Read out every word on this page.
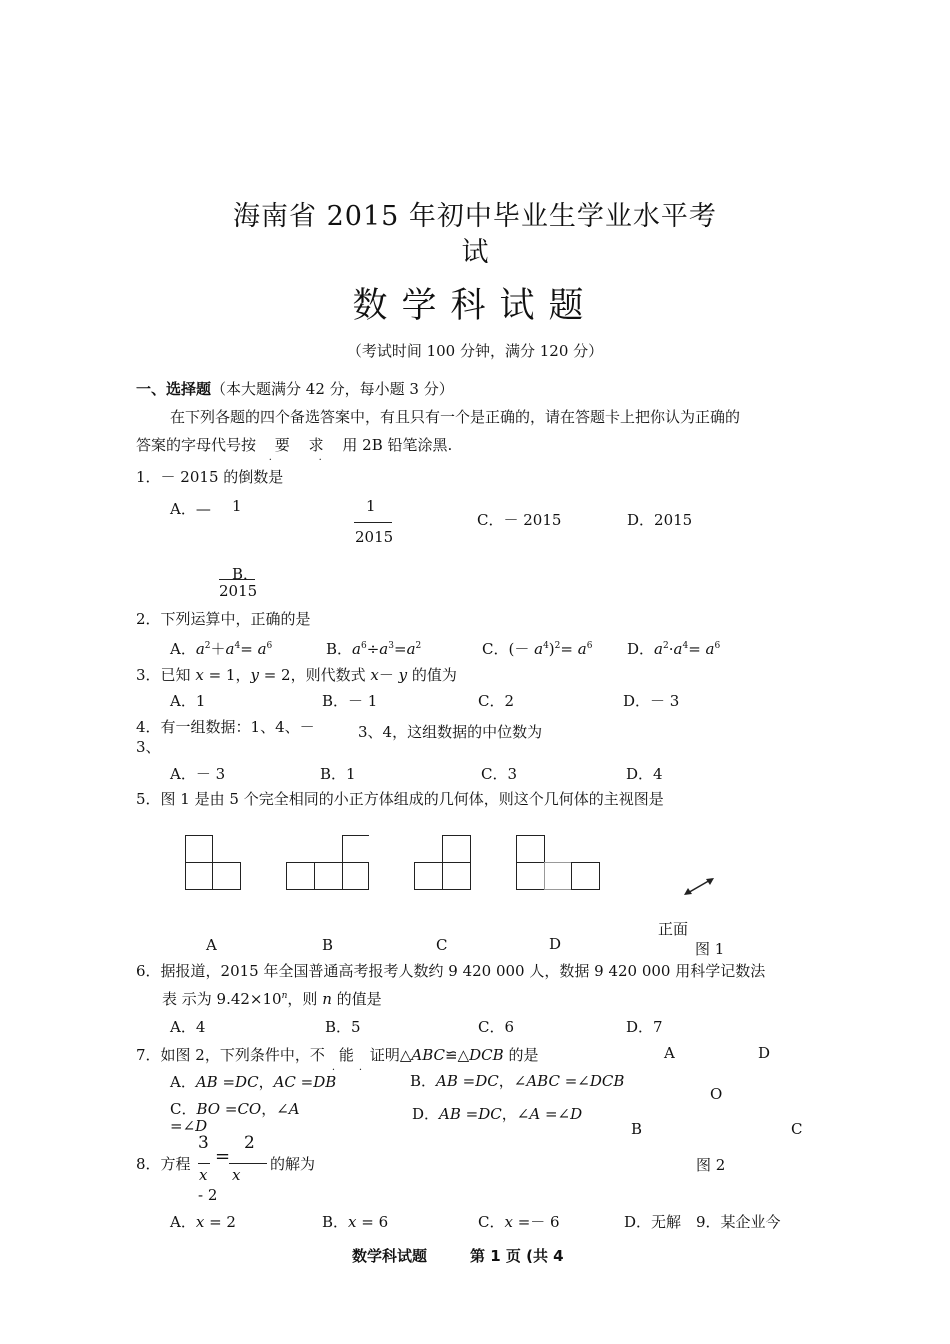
海南省 2015 年初中毕业生学业水平考
试
数学科试题
（考试时间 100 分钟，满分 120 分）
一、选择题（本大题满分 42 分，每小题 3 分）
在下列各题的四个备选答案中，有且只有一个是正确的，请在答题卡上把你认为正确的
答案的字母代号按 要
.
求
.
用 2B 铅笔涂黑.
1．－ 2015 的倒数是
A．— 1	1
2015
C．－ 2015	D．2015
B．
2015
2．下列运算中，正确的是
A．$a^2+a^4= a^6$	B．$a^6\div a^3=a^2$	C．(－ $a^4)^2= a^6$ D．$a^2\cdot a^4= a^6$
3．已知 x = 1，y = 2，则代数式 x－ y 的值为
A．1	B．－ 1	C．2	D．－ 3
4．有一组数据：1、4、－
3、
3、4，这组数据的中位数为
A．－ 3	B．1	C．3	D．4
5．图 1 是由 5 个完全相同的小正方体组成的几何体，则这个几何体的主视图是
正面
A	B	C	D	图 1
6．据报道，2015 年全国普通高考报考人数约 9 420 000 人，数据 9 420 000 用科学记数法
表 示为 $9.42\times 10^n$，则 n 的值是
A．4	B．5	C．6	D．7
7．如图 2，下列条件中，不 能
. .
证明△ABC≌△DCB 的是
A．AB =DC，AC =DB	B．AB =DC，∠ABC =∠DCB
C．BO =CO，∠A
=∠D
D．AB =DC，∠A =∠D
A	D
O
B	C
图 2
8．方程
3
x
- 2
=
2
x
的解为
A．x = 2	B．x = 6	C．x =－ 6	D．无解 9．某企业今
数学科试题	第 1 页 (共 4
